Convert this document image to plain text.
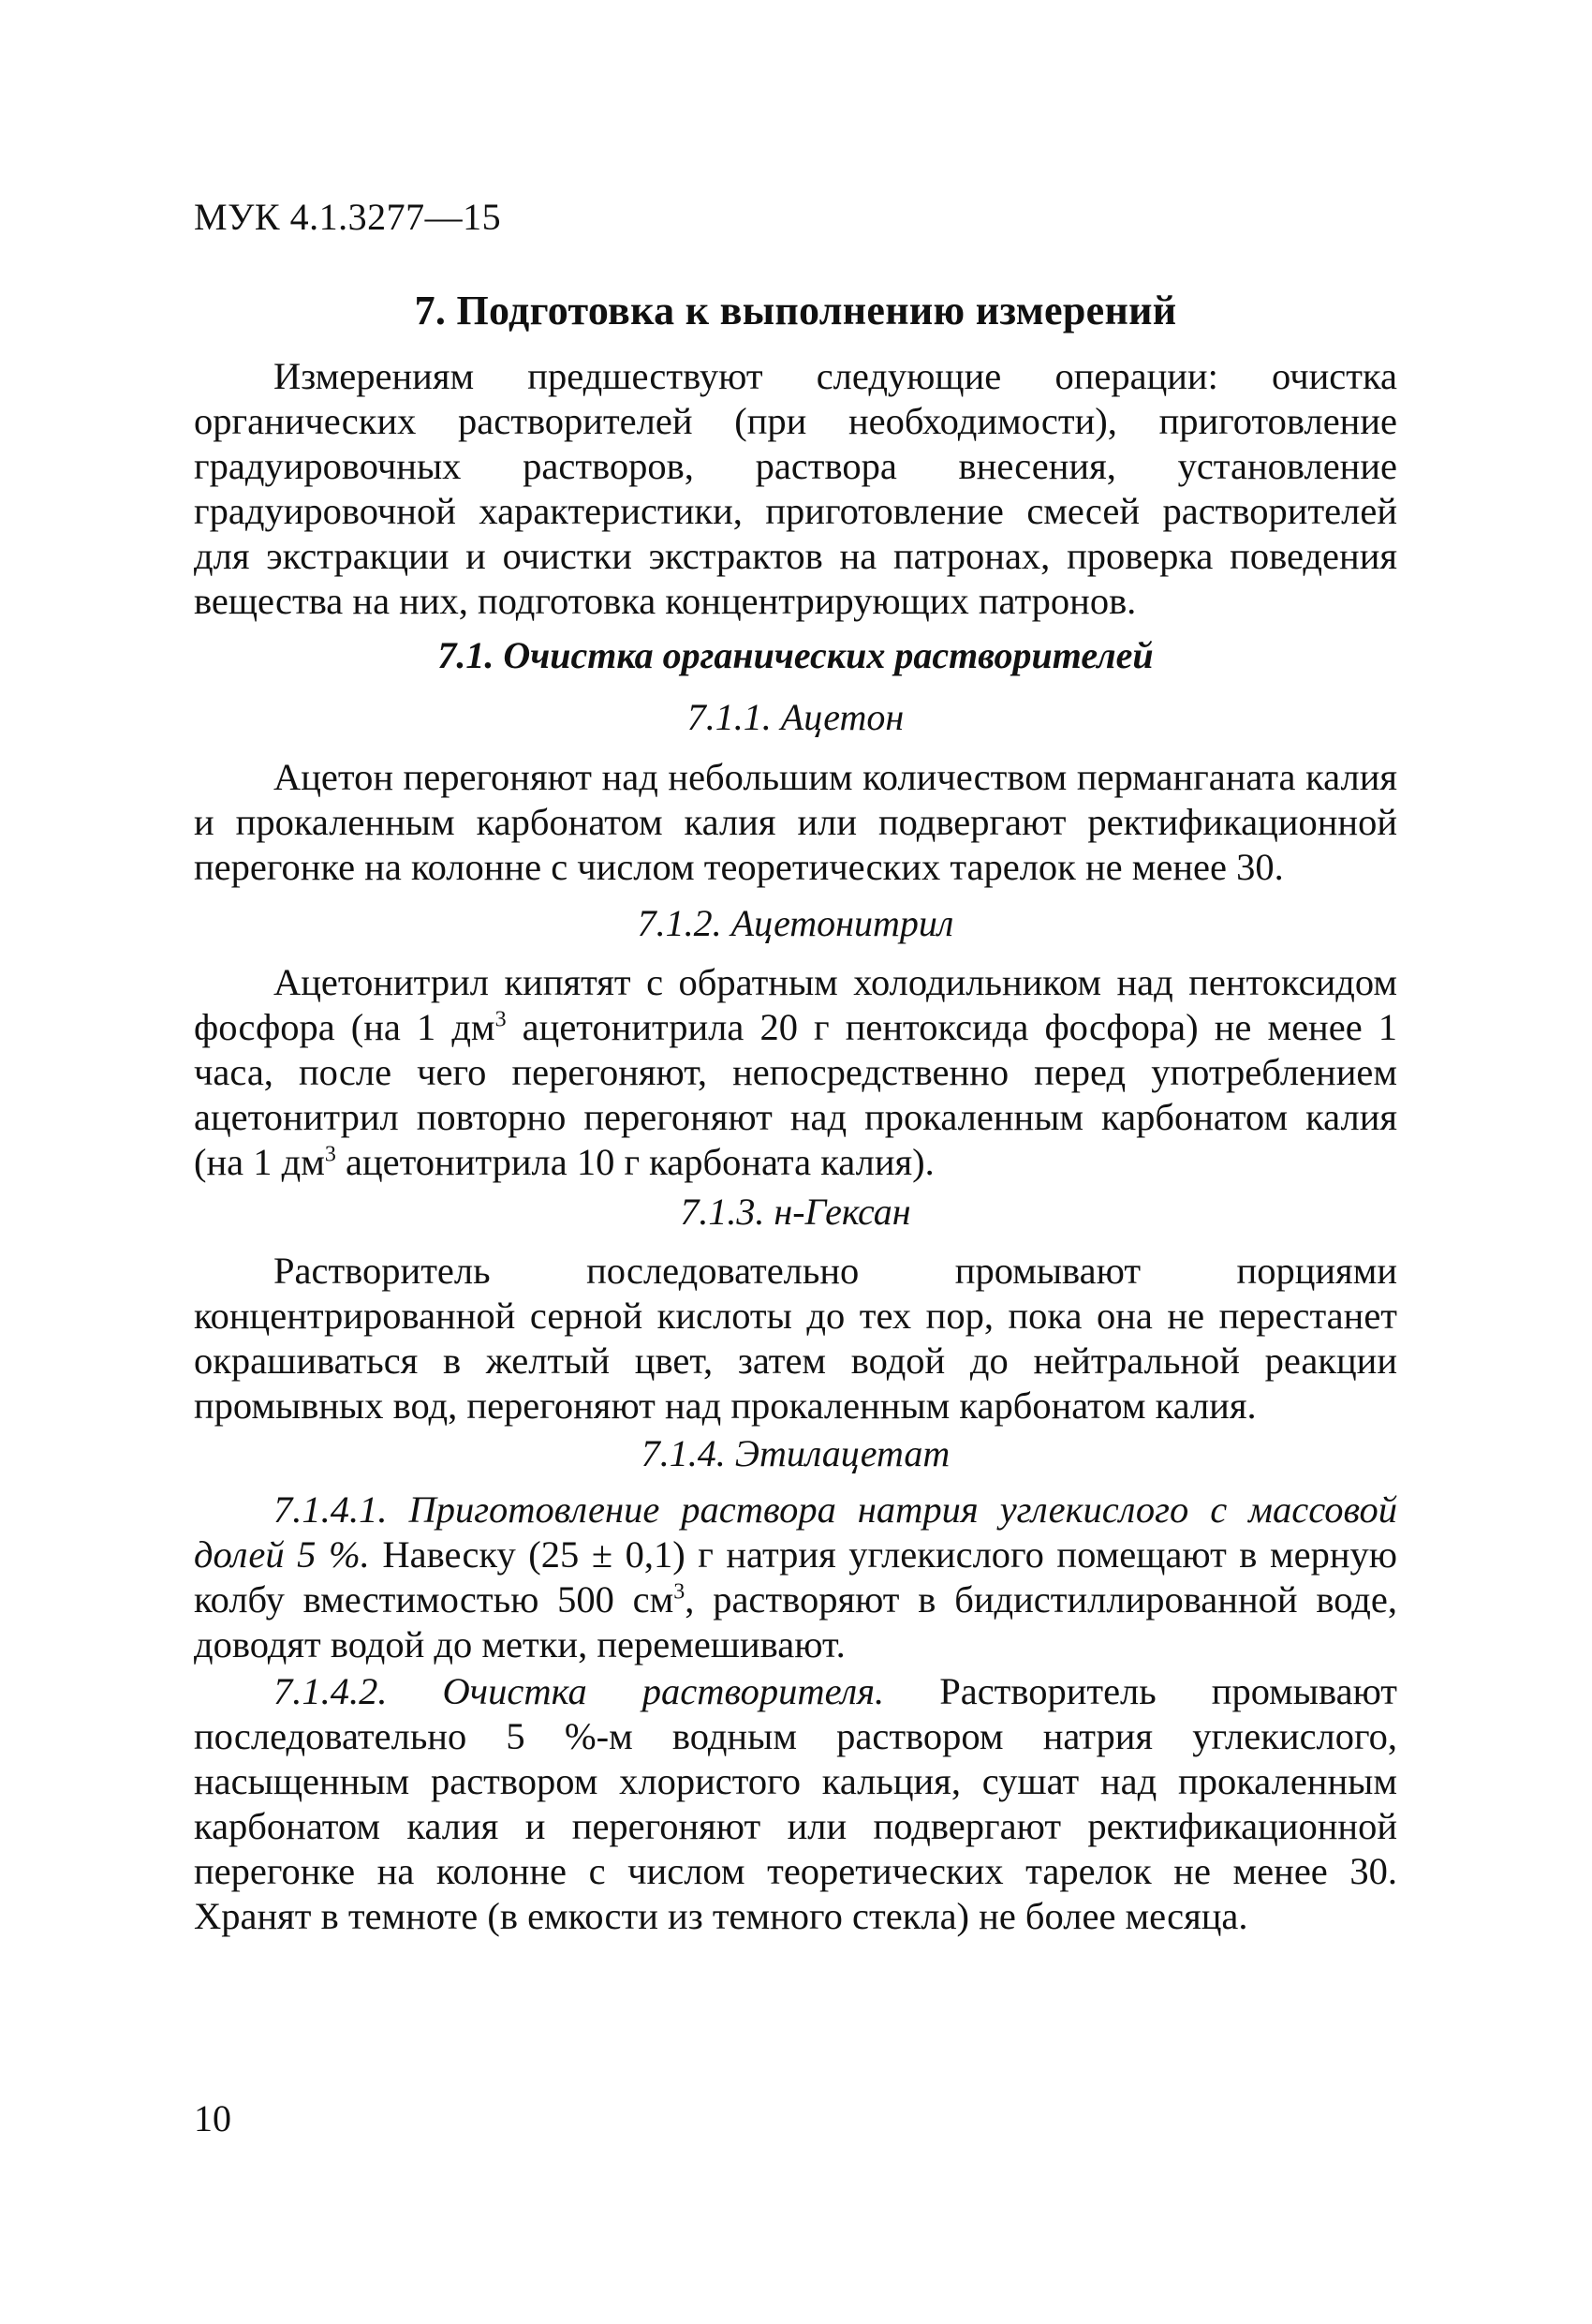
МУК 4.1.3277—15
7. Подготовка к выполнению измерений

Измерениям предшествуют следующие операции: очистка органических растворителей (при необходимости), приготовление градуировочных растворов, раствора внесения, установление градуировочной характеристики, приготовление смесей растворителей для экстракции и очистки экстрактов на патронах, проверка поведения вещества на них, подготовка концентрирующих патронов.

7.1. Очистка органических растворителей
7.1.1. Ацетон

Ацетон перегоняют над небольшим количеством перманганата калия и прокаленным карбонатом калия или подвергают ректификационной перегонке на колонне с числом теоретических тарелок не менее 30.

7.1.2. Ацетонитрил

Ацетонитрил кипятят с обратным холодильником над пентоксидом фосфора (на 1 $дм^3$ ацетонитрила 20 г пентоксида фосфора) не менее 1 часа, после чего перегоняют, непосредственно перед употреблением ацетонитрил повторно перегоняют над прокаленным карбонатом калия (на 1 $дм^3$ ацетонитрила 10 г карбоната калия).

7.1.3. н-Гексан

Растворитель последовательно промывают порциями концентрированной серной кислоты до тех пор, пока она не перестанет окрашиваться в желтый цвет, затем водой до нейтральной реакции промывных вод, перегоняют над прокаленным карбонатом калия.

7.1.4. Этилацетат

7.1.4.1. Приготовление раствора натрия углекислого с массовой долей 5 %. Навеску (25 ± 0,1) г натрия углекислого помещают в мерную колбу вместимостью 500 $см^3$, растворяют в бидистиллированной воде, доводят водой до метки, перемешивают.

7.1.4.2. Очистка растворителя. Растворитель промывают последовательно 5 %-м водным раствором натрия углекислого, насыщенным раствором хлористого кальция, сушат над прокаленным карбонатом калия и перегоняют или подвергают ректификационной перегонке на колонне с числом теоретических тарелок не менее 30. Хранят в темноте (в емкости из темного стекла) не более месяца.

10
